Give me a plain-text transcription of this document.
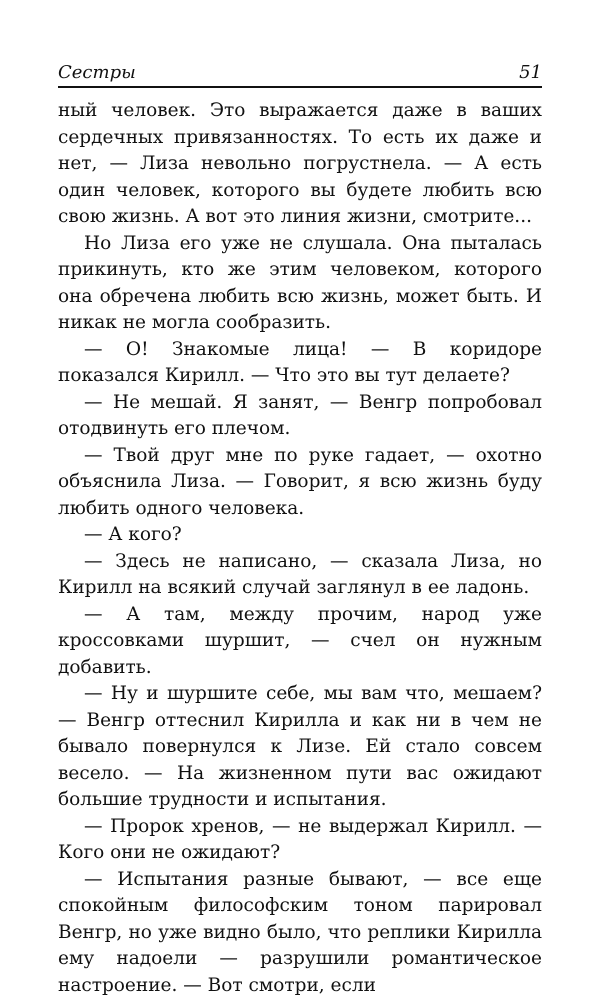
Сестры	51

ный человек. Это выражается даже в ваших сердечных привязанностях. То есть их даже и нет, — Лиза невольно погрустнела. — А есть один человек, которого вы будете любить всю свою жизнь. А вот это линия жизни, смотрите...

Но Лиза его уже не слушала. Она пыталась прикинуть, кто же этим человеком, которого она обречена любить всю жизнь, может быть. И никак не могла сообразить.

— О! Знакомые лица! — В коридоре показался Кирилл. — Что это вы тут делаете?

— Не мешай. Я занят, — Венгр попробовал отодвинуть его плечом.

— Твой друг мне по руке гадает, — охотно объяснила Лиза. — Говорит, я всю жизнь буду любить одного человека.

— А кого?

— Здесь не написано, — сказала Лиза, но Кирилл на всякий случай заглянул в ее ладонь.

— А там, между прочим, народ уже кроссовками шуршит, — счел он нужным добавить.

— Ну и шуршите себе, мы вам что, мешаем? — Венгр оттеснил Кирилла и как ни в чем не бывало повернулся к Лизе. Ей стало совсем весело. — На жизненном пути вас ожидают большие трудности и испытания.

— Пророк хренов, — не выдержал Кирилл. — Кого они не ожидают?

— Испытания разные бывают, — все еще спокойным философским тоном парировал Венгр, но уже видно было, что реплики Кирилла ему надоели — разрушили романтическое настроение. — Вот смотри, если
